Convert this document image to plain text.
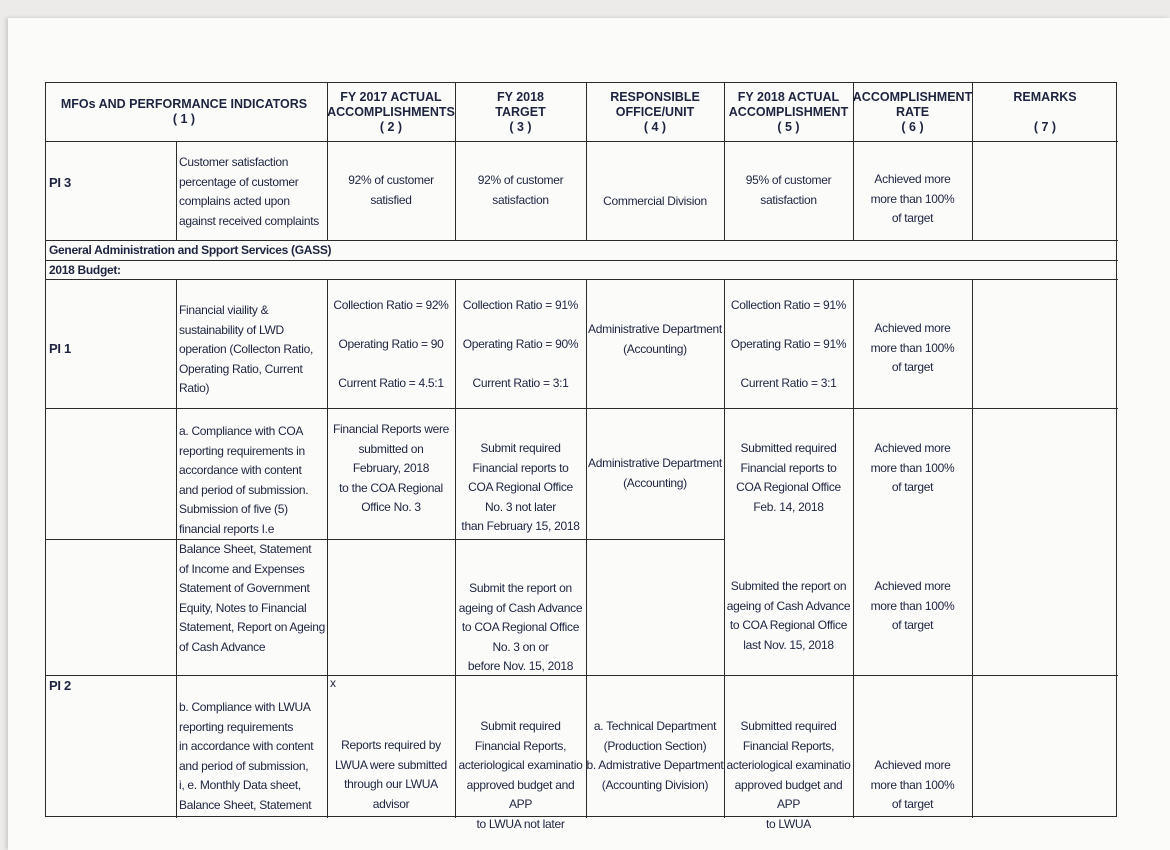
MFOs AND PERFORMANCE INDICATORS
( 1 )
FY 2017 ACTUAL
ACCOMPLISHMENTS
( 2 )
FY 2018
TARGET
( 3 )
RESPONSIBLE
OFFICE/UNIT
( 4 )
FY 2018 ACTUAL
ACCOMPLISHMENT
( 5 )
ACCOMPLISHMENT
RATE
( 6 )
REMARKS

( 7 )
PI 3
Customer satisfaction
percentage of customer
complains acted upon
against received complaints
92% of customer
satisfied
92% of customer
satisfaction	Commercial Division
95% of customer
satisfaction
Achieved more
more than 100%
of target
General Administration and Spport Services (GASS)
2018 Budget:
PI 1
Financial viaility &
sustainability of LWD
operation (Collecton Ratio,
Operating Ratio, Current
Ratio)
Collection Ratio = 92%

Operating Ratio = 90

Current Ratio = 4.5:1
Collection Ratio = 91%

Operating Ratio = 90%

Current Ratio = 3:1
Administrative Department
(Accounting)
Collection Ratio = 91%

Operating Ratio = 91%

Current Ratio = 3:1
Achieved more
more than 100%
of target
a. Compliance with COA
reporting requirements in
accordance with content
and period of submission.
Submission of five (5)
financial reports I.e
Balance Sheet, Statement
of Income and Expenses
Statement of Government
Equity, Notes to Financial
Statement, Report on Ageing
of Cash Advance
Financial Reports were
submitted on
February, 2018
to the COA Regional
Office No. 3
Submit required
Financial reports to
COA Regional Office
No. 3 not later
than February 15, 2018
Submit the report on
ageing of Cash Advance
to COA Regional Office
No. 3 on or
before Nov. 15, 2018
Administrative Department
(Accounting)
Submitted required
Financial reports to
COA Regional Office
Feb. 14, 2018
Submited the report on
ageing of Cash Advance
to COA Regional Office
last Nov. 15, 2018
Achieved more
more than 100%
of target
Achieved more
more than 100%
of target
PI 2	x
b. Compliance with LWUA
reporting requirements
in accordance with content
and period of submission,
i, e. Monthly Data sheet,
Balance Sheet, Statement
Reports required by
LWUA were submitted
through our LWUA
advisor
Submit required
Financial Reports,
acteriological examinatio
approved budget and APP
to LWUA not later
a. Technical Department
(Production Section)
b. Admistrative Department
(Accounting Division)
Submitted required
Financial Reports,
acteriological examinatio
approved budget and APP
to LWUA
Achieved more
more than 100%
of target
